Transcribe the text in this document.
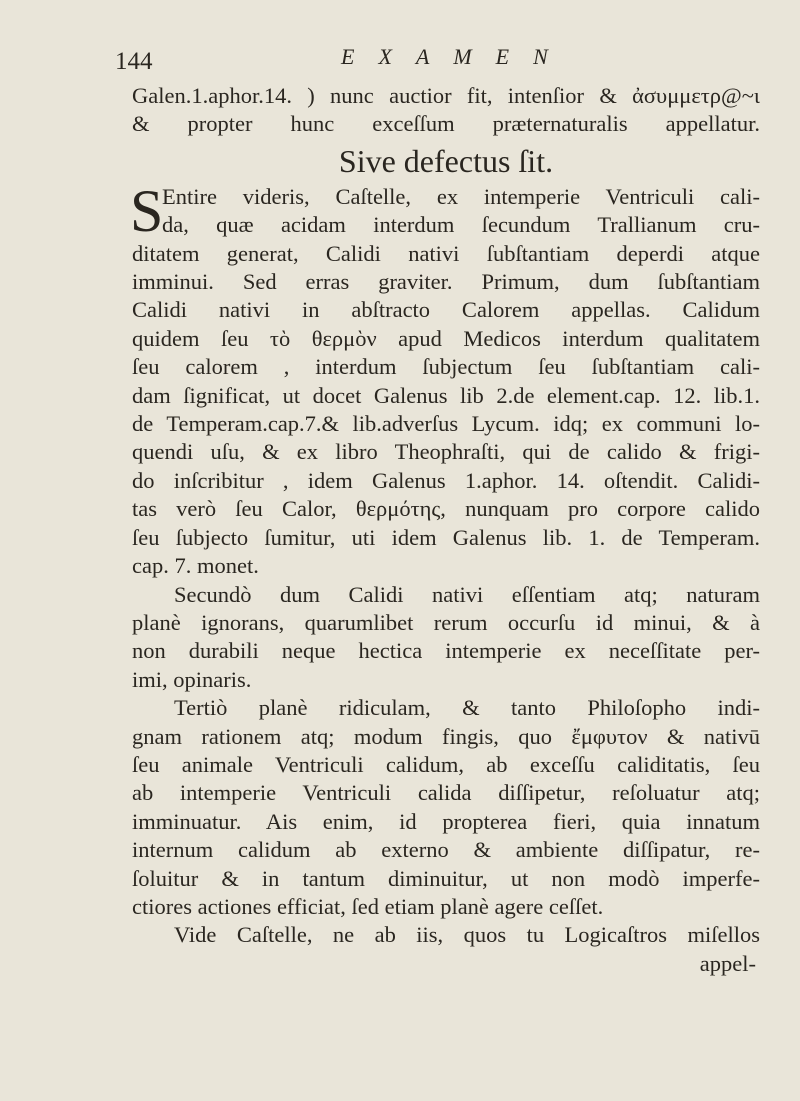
144	EXAMEN
Galen.1.aphor.14. ) nunc auctior fit, intenſior & ἀσυμμετρ@~ι
& propter hunc exceſſum præternaturalis appellatur.
Sive defectus ſit.
S
Entire videris, Caſtelle, ex intemperie Ventriculi cali-
da, quæ acidam interdum ſecundum Trallianum cru-
ditatem generat, Calidi nativi ſubſtantiam deperdi atque
imminui. Sed erras graviter. Primum, dum ſubſtantiam
Calidi nativi in abſtracto Calorem appellas. Calidum
quidem ſeu τὸ θερμὸν apud Medicos interdum qualitatem
ſeu calorem , interdum ſubjectum ſeu ſubſtantiam cali-
dam ſignificat, ut docet Galenus lib 2.de element.cap. 12. lib.1.
de Temperam.cap.7.& lib.adverſus Lycum. idq; ex communi lo-
quendi uſu, & ex libro Theophraſti, qui de calido & frigi-
do inſcribitur , idem Galenus 1.aphor. 14. oſtendit. Calidi-
tas verò ſeu Calor, θερμότης, nunquam pro corpore calido
ſeu ſubjecto ſumitur, uti idem Galenus lib. 1. de Temperam.
cap. 7. monet.
Secundò dum Calidi nativi eſſentiam atq; naturam
planè ignorans, quarumlibet rerum occurſu id minui, & à
non durabili neque hectica intemperie ex neceſſitate per-
imi, opinaris.
Tertiò planè ridiculam, & tanto Philoſopho indi-
gnam rationem atq; modum fingis, quo ἔμφυτον & nativū
ſeu animale Ventriculi calidum, ab exceſſu caliditatis, ſeu
ab intemperie Ventriculi calida diſſipetur, reſoluatur atq;
imminuatur. Ais enim, id propterea fieri, quia innatum
internum calidum ab externo & ambiente diſſipatur, re-
ſoluitur & in tantum diminuitur, ut non modò imperfe-
ctiores actiones efficiat, ſed etiam planè agere ceſſet.
Vide Caſtelle, ne ab iis, quos tu Logicaſtros miſellos
appel-
